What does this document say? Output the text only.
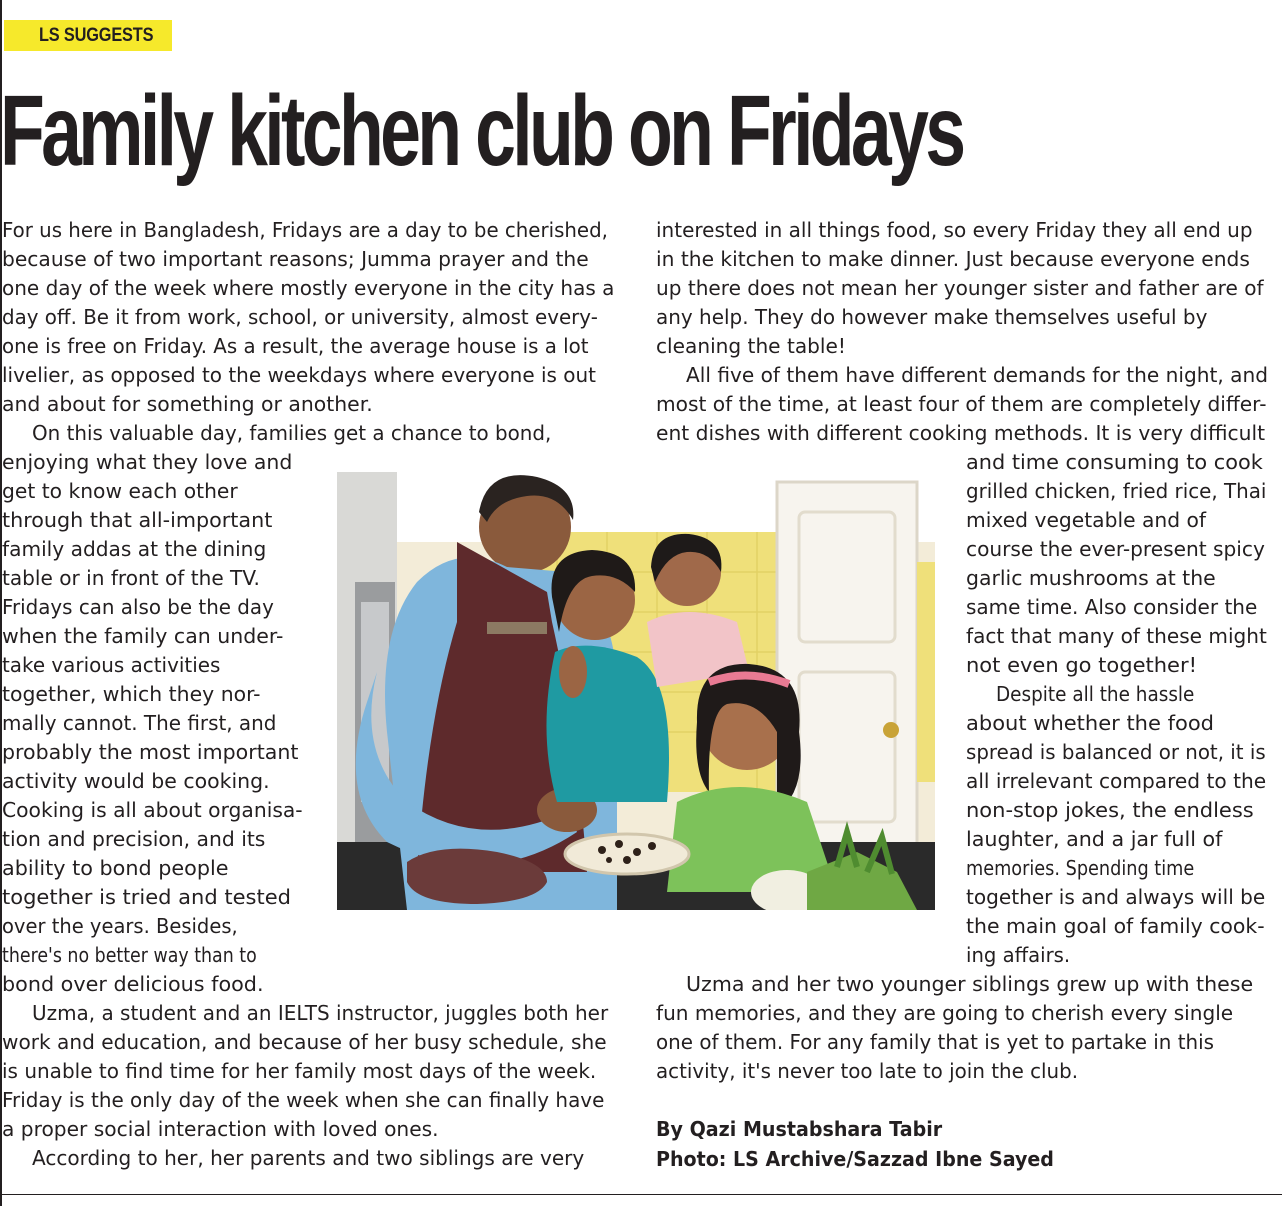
LS SUGGESTS
Family kitchen club on Fridays
For us here in Bangladesh, Fridays are a day to be cherished,
because of two important reasons; Jumma prayer and the
one day of the week where mostly everyone in the city has a
day off. Be it from work, school, or university, almost every-
one is free on Friday. As a result, the average house is a lot
livelier, as opposed to the weekdays where everyone is out
and about for something or another.
On this valuable day, families get a chance to bond,
enjoying what they love and
get to know each other
through that all-important
family addas at the dining
table or in front of the TV.
Fridays can also be the day
when the family can under-
take various activities
together, which they nor-
mally cannot. The first, and
probably the most important
activity would be cooking.
Cooking is all about organisa-
tion and precision, and its
ability to bond people
together is tried and tested
over the years. Besides,
there's no better way than to
bond over delicious food.
Uzma, a student and an IELTS instructor, juggles both her
work and education, and because of her busy schedule, she
is unable to find time for her family most days of the week.
Friday is the only day of the week when she can finally have
a proper social interaction with loved ones.
According to her, her parents and two siblings are very
interested in all things food, so every Friday they all end up
in the kitchen to make dinner. Just because everyone ends
up there does not mean her younger sister and father are of
any help. They do however make themselves useful by
cleaning the table!
All five of them have different demands for the night, and
most of the time, at least four of them are completely differ-
ent dishes with different cooking methods. It is very difficult
and time consuming to cook
grilled chicken, fried rice, Thai
mixed vegetable and of
course the ever-present spicy
garlic mushrooms at the
same time. Also consider the
fact that many of these might
not even go together!
Despite all the hassle
about whether the food
spread is balanced or not, it is
all irrelevant compared to the
non-stop jokes, the endless
laughter, and a jar full of
memories. Spending time
together is and always will be
the main goal of family cook-
ing affairs.
Uzma and her two younger siblings grew up with these
fun memories, and they are going to cherish every single
one of them. For any family that is yet to partake in this
activity, it's never too late to join the club.
By Qazi Mustabshara Tabir
Photo: LS Archive/Sazzad Ibne Sayed
